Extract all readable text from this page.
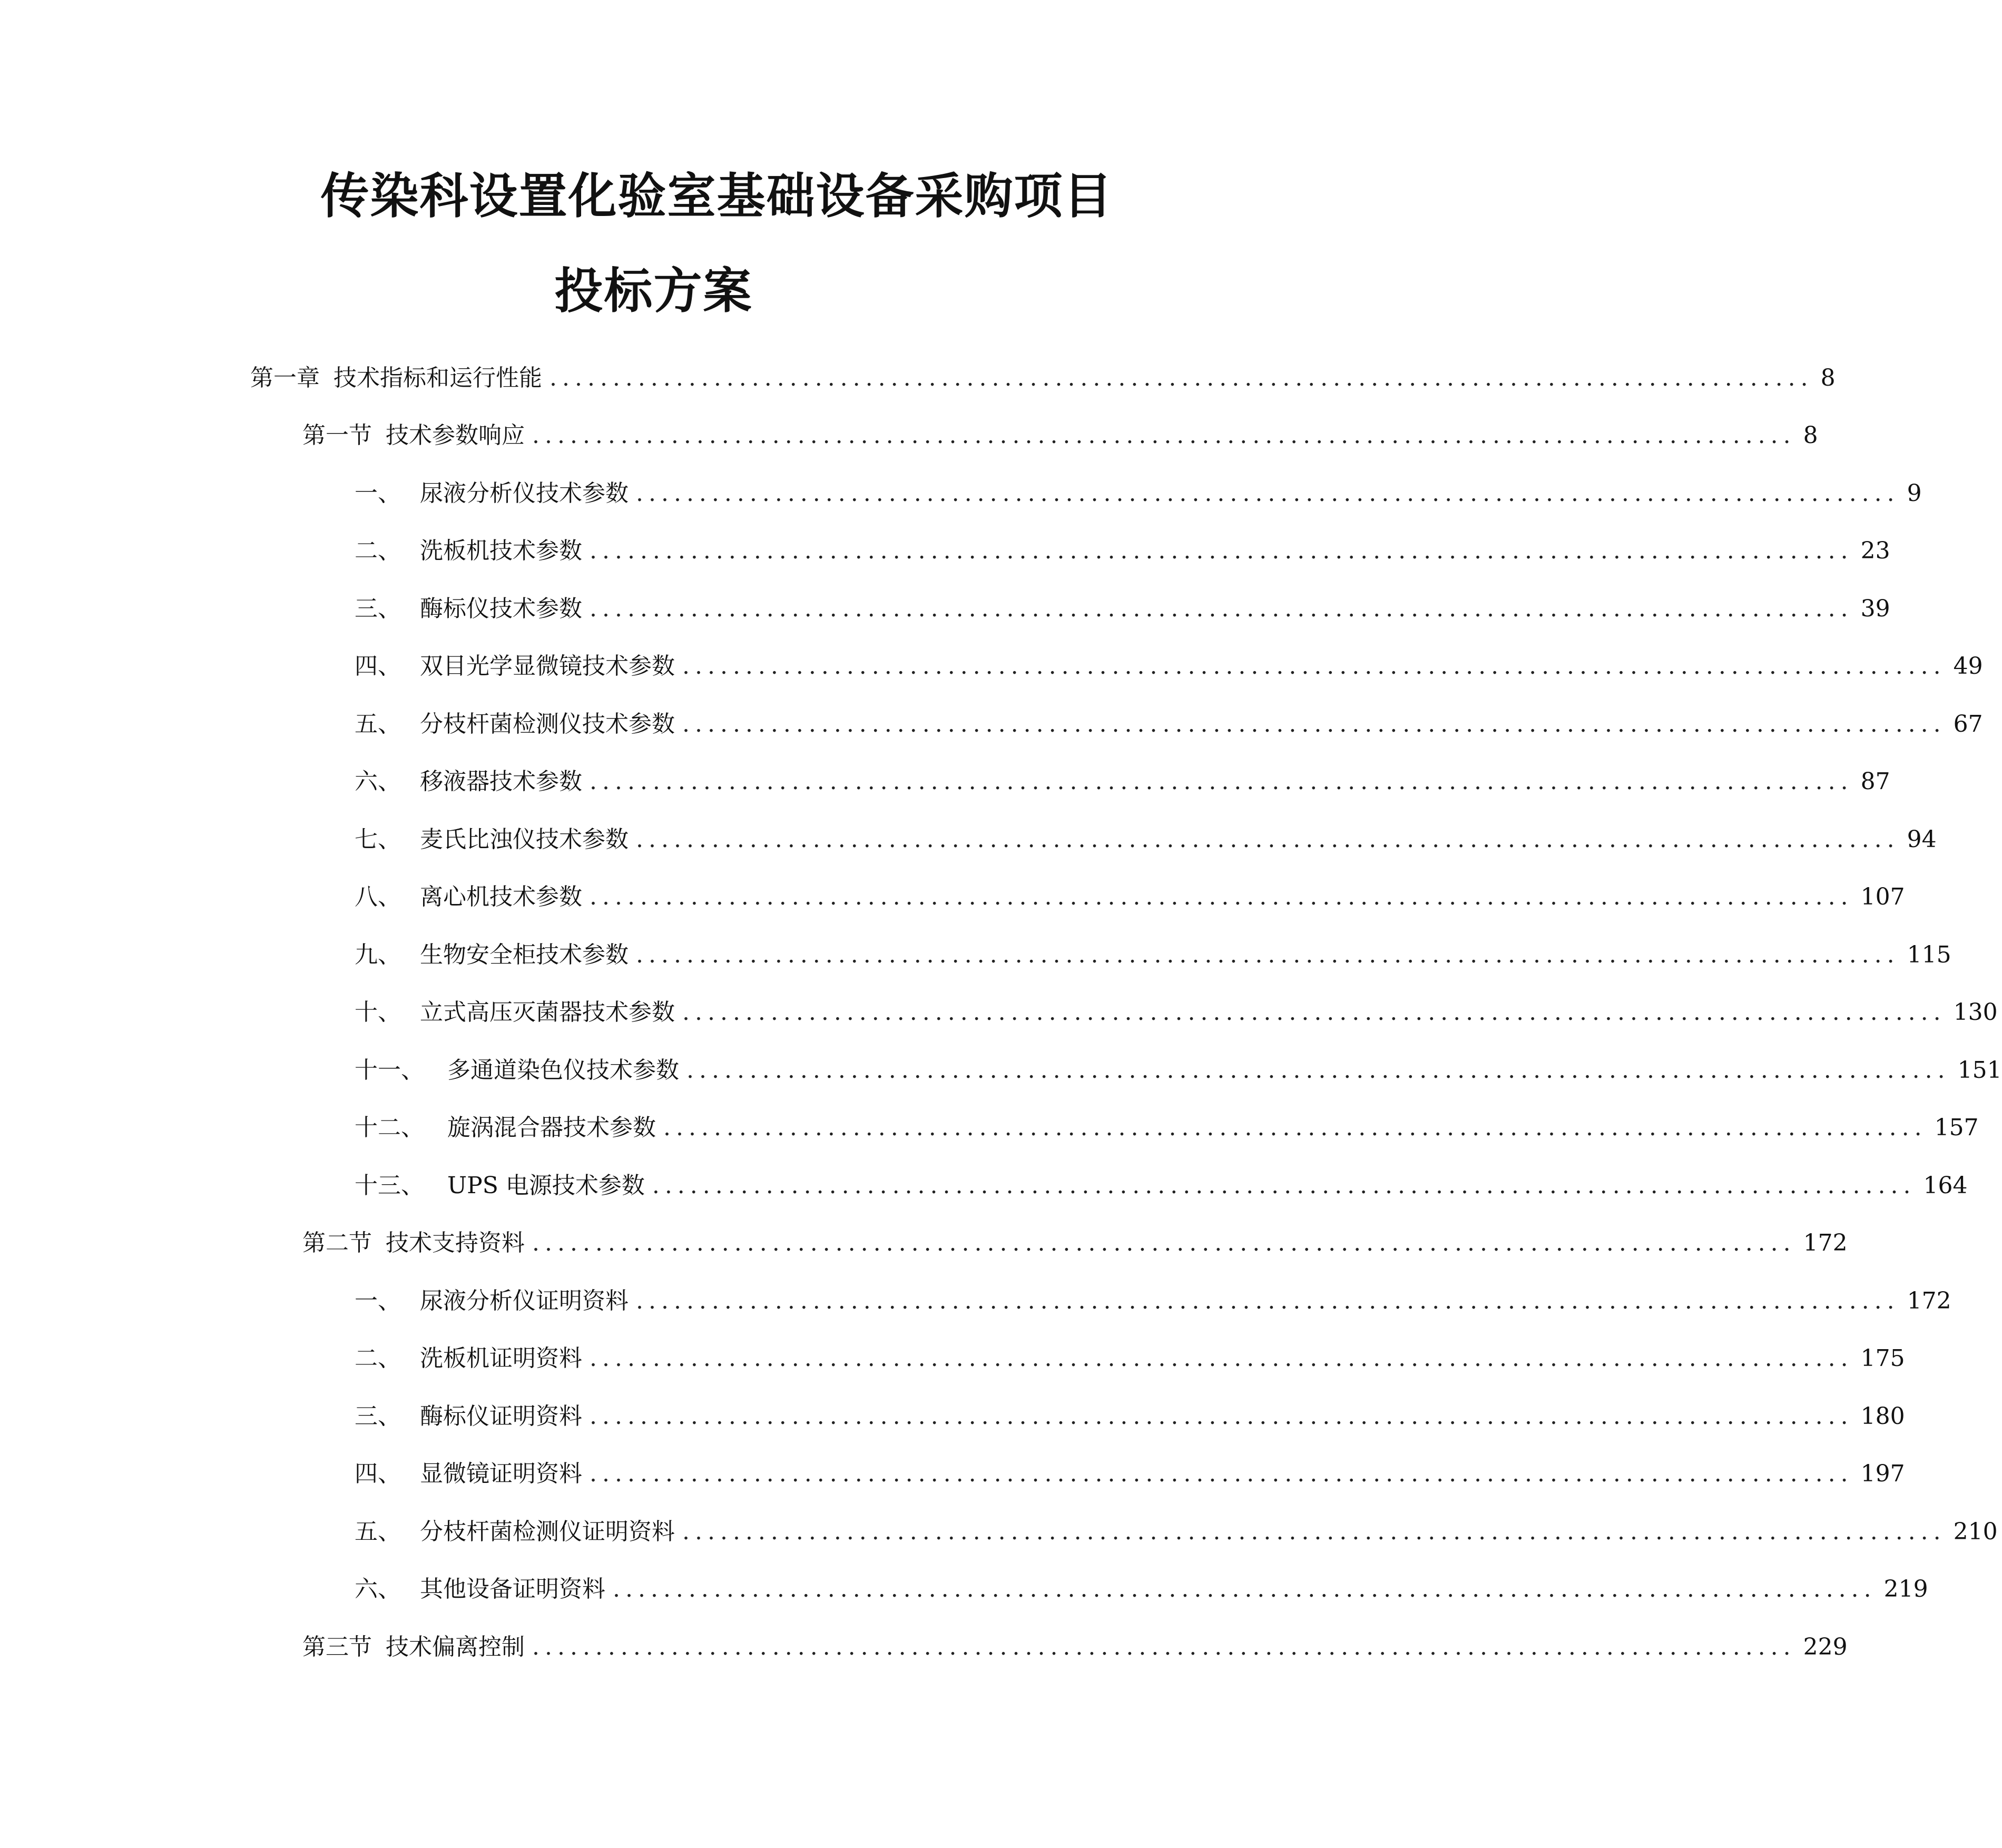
传染科设置化验室基础设备采购项目
投标方案
第一章 技术指标和运行性能 .................................................................................................... 8
第一节 技术参数响应 .................................................................................................... 8
一、 尿液分析仪技术参数 .................................................................................................... 9
二、 洗板机技术参数 .................................................................................................... 23
三、 酶标仪技术参数 .................................................................................................... 39
四、 双目光学显微镜技术参数 .................................................................................................... 49
五、 分枝杆菌检测仪技术参数 .................................................................................................... 67
六、 移液器技术参数 .................................................................................................... 87
七、 麦氏比浊仪技术参数 .................................................................................................... 94
八、 离心机技术参数 .................................................................................................... 107
九、 生物安全柜技术参数 .................................................................................................... 115
十、 立式高压灭菌器技术参数 .................................................................................................... 130
十一、	多通道染色仪技术参数 .................................................................................................... 151
十二、	旋涡混合器技术参数 .................................................................................................... 157
十三、	UPS 电源技术参数 .................................................................................................... 164
第二节 技术支持资料 .................................................................................................... 172
一、 尿液分析仪证明资料 .................................................................................................... 172
二、 洗板机证明资料 .................................................................................................... 175
三、 酶标仪证明资料 .................................................................................................... 180
四、 显微镜证明资料 .................................................................................................... 197
五、 分枝杆菌检测仪证明资料 .................................................................................................... 210
六、 其他设备证明资料 .................................................................................................... 219
第三节 技术偏离控制 .................................................................................................... 229
